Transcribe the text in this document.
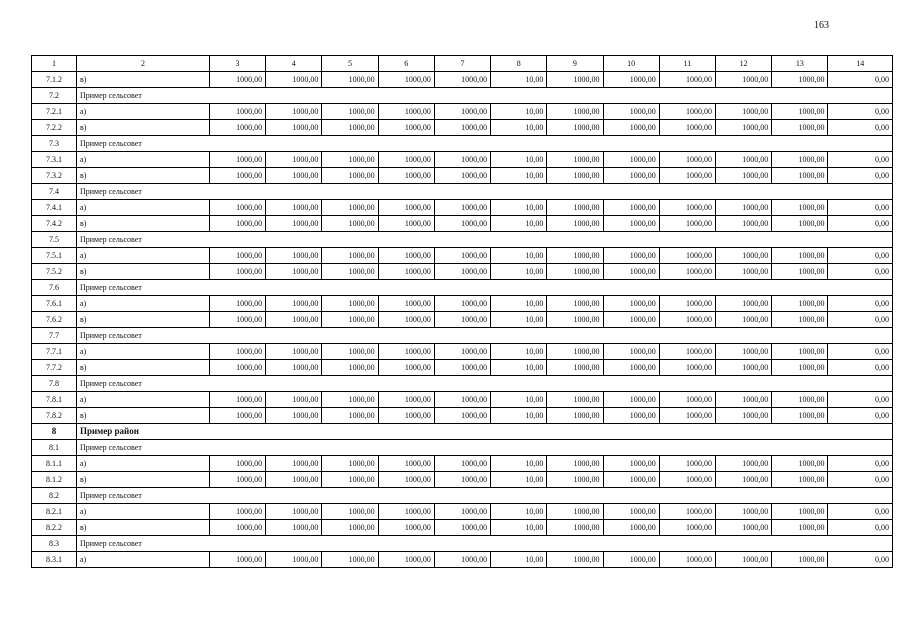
163
1	2	3	4	5	6	7	8	9	10	11	12	13	14
7.1.2	в)	1000,00	1000,00	1000,00	1000,00	1000,00	10,00	1000,00	1000,00	1000,00	1000,00	1000,00	0,00
7.2	Пример сельсовет												
7.2.1	а)	1000,00	1000,00	1000,00	1000,00	1000,00	10,00	1000,00	1000,00	1000,00	1000,00	1000,00	0,00
7.2.2	в)	1000,00	1000,00	1000,00	1000,00	1000,00	10,00	1000,00	1000,00	1000,00	1000,00	1000,00	0,00
7.3	Пример сельсовет												
7.3.1	а)	1000,00	1000,00	1000,00	1000,00	1000,00	10,00	1000,00	1000,00	1000,00	1000,00	1000,00	0,00
7.3.2	в)	1000,00	1000,00	1000,00	1000,00	1000,00	10,00	1000,00	1000,00	1000,00	1000,00	1000,00	0,00
7.4	Пример сельсовет												
7.4.1	а)	1000,00	1000,00	1000,00	1000,00	1000,00	10,00	1000,00	1000,00	1000,00	1000,00	1000,00	0,00
7.4.2	в)	1000,00	1000,00	1000,00	1000,00	1000,00	10,00	1000,00	1000,00	1000,00	1000,00	1000,00	0,00
7.5	Пример сельсовет												
7.5.1	а)	1000,00	1000,00	1000,00	1000,00	1000,00	10,00	1000,00	1000,00	1000,00	1000,00	1000,00	0,00
7.5.2	в)	1000,00	1000,00	1000,00	1000,00	1000,00	10,00	1000,00	1000,00	1000,00	1000,00	1000,00	0,00
7.6	Пример сельсовет												
7.6.1	а)	1000,00	1000,00	1000,00	1000,00	1000,00	10,00	1000,00	1000,00	1000,00	1000,00	1000,00	0,00
7.6.2	в)	1000,00	1000,00	1000,00	1000,00	1000,00	10,00	1000,00	1000,00	1000,00	1000,00	1000,00	0,00
7.7	Пример сельсовет												
7.7.1	а)	1000,00	1000,00	1000,00	1000,00	1000,00	10,00	1000,00	1000,00	1000,00	1000,00	1000,00	0,00
7.7.2	в)	1000,00	1000,00	1000,00	1000,00	1000,00	10,00	1000,00	1000,00	1000,00	1000,00	1000,00	0,00
7.8	Пример сельсовет												
7.8.1	а)	1000,00	1000,00	1000,00	1000,00	1000,00	10,00	1000,00	1000,00	1000,00	1000,00	1000,00	0,00
7.8.2	в)	1000,00	1000,00	1000,00	1000,00	1000,00	10,00	1000,00	1000,00	1000,00	1000,00	1000,00	0,00
8	Пример район												
8.1	Пример сельсовет												
8.1.1	а)	1000,00	1000,00	1000,00	1000,00	1000,00	10,00	1000,00	1000,00	1000,00	1000,00	1000,00	0,00
8.1.2	в)	1000,00	1000,00	1000,00	1000,00	1000,00	10,00	1000,00	1000,00	1000,00	1000,00	1000,00	0,00
8.2	Пример сельсовет												
8.2.1	а)	1000,00	1000,00	1000,00	1000,00	1000,00	10,00	1000,00	1000,00	1000,00	1000,00	1000,00	0,00
8.2.2	в)	1000,00	1000,00	1000,00	1000,00	1000,00	10,00	1000,00	1000,00	1000,00	1000,00	1000,00	0,00
8.3	Пример сельсовет												
8.3.1	а)	1000,00	1000,00	1000,00	1000,00	1000,00	10,00	1000,00	1000,00	1000,00	1000,00	1000,00	0,00
